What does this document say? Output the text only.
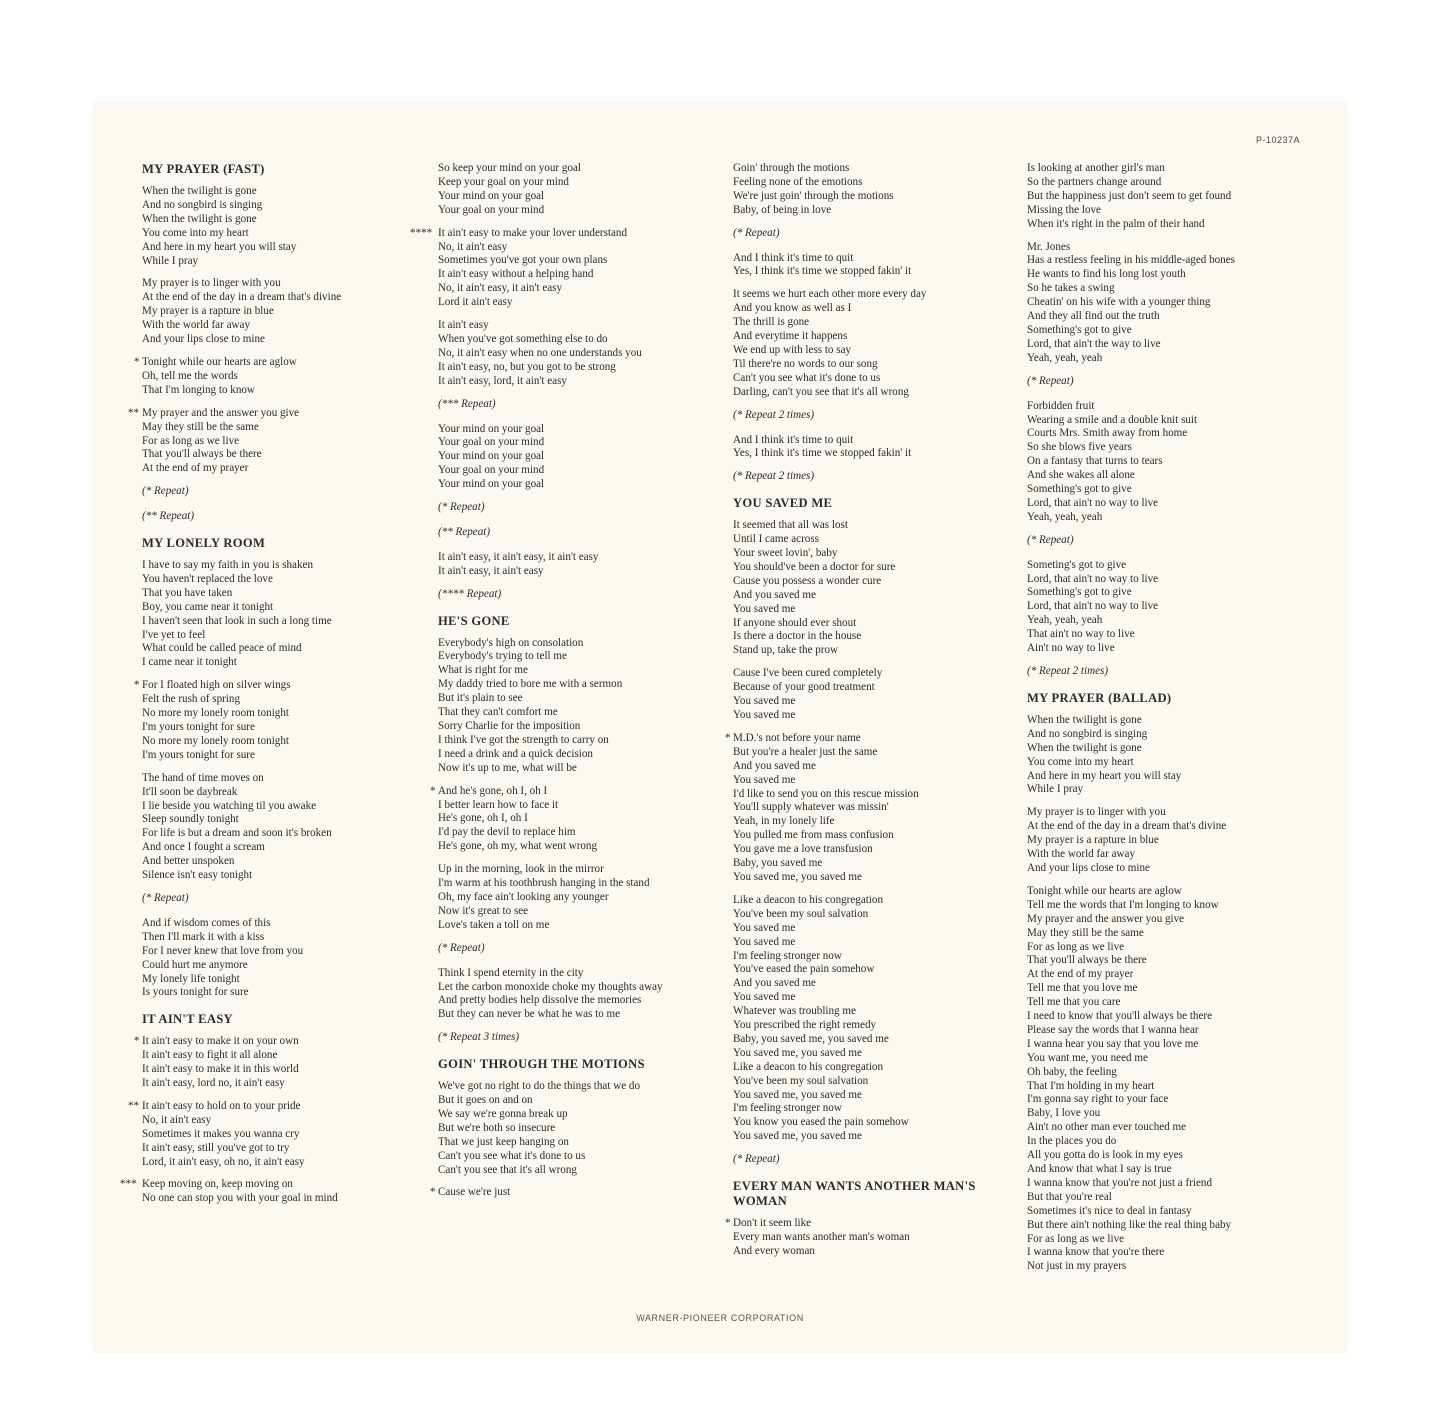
P-10237A
MY PRAYER (FAST)
When the twilight is gone
And no songbird is singing
When the twilight is gone
You come into my heart
And here in my heart you will stay
While I pray
My prayer is to linger with you
At the end of the day in a dream that's divine
My prayer is a rapture in blue
With the world far away
And your lips close to mine
* Tonight while our hearts are aglow
Oh, tell me the words
That I'm longing to know
** My prayer and the answer you give
May they still be the same
For as long as we live
That you'll always be there
At the end of my prayer
(* Repeat)
(** Repeat)
MY LONELY ROOM
I have to say my faith in you is shaken
You haven't replaced the love
That you have taken
Boy, you came near it tonight
I haven't seen that look in such a long time
I've yet to feel
What could be called peace of mind
I came near it tonight
* For I floated high on silver wings
Felt the rush of spring
No more my lonely room tonight
I'm yours tonight for sure
No more my lonely room tonight
I'm yours tonight for sure
The hand of time moves on
It'll soon be daybreak
I lie beside you watching til you awake
Sleep soundly tonight
For life is but a dream and soon it's broken
And once I fought a scream
And better unspoken
Silence isn't easy tonight
(* Repeat)
And if wisdom comes of this
Then I'll mark it with a kiss
For I never knew that love from you
Could hurt me anymore
My lonely life tonight
Is yours tonight for sure
IT AIN'T EASY
* It ain't easy to make it on your own
It ain't easy to fight it all alone
It ain't easy to make it in this world
It ain't easy, lord no, it ain't easy
** It ain't easy to hold on to your pride
No, it ain't easy
Sometimes it makes you wanna cry
It ain't easy, still you've got to try
Lord, it ain't easy, oh no, it ain't easy
*** Keep moving on, keep moving on
No one can stop you with your goal in mind
So keep your mind on your goal
Keep your goal on your mind
Your mind on your goal
Your goal on your mind
**** It ain't easy to make your lover understand
No, it ain't easy
Sometimes you've got your own plans
It ain't easy without a helping hand
No, it ain't easy, it ain't easy
Lord it ain't easy
It ain't easy
When you've got something else to do
No, it ain't easy when no one understands you
It ain't easy, no, but you got to be strong
It ain't easy, lord, it ain't easy
(*** Repeat)
Your mind on your goal
Your goal on your mind
Your mind on your goal
Your goal on your mind
Your mind on your goal
(* Repeat)
(** Repeat)
It ain't easy, it ain't easy, it ain't easy
It ain't easy, it ain't easy
(**** Repeat)
HE'S GONE
Everybody's high on consolation
Everybody's trying to tell me
What is right for me
My daddy tried to bore me with a sermon
But it's plain to see
That they can't comfort me
Sorry Charlie for the imposition
I think I've got the strength to carry on
I need a drink and a quick decision
Now it's up to me, what will be
* And he's gone, oh I, oh I
I better learn how to face it
He's gone, oh I, oh I
I'd pay the devil to replace him
He's gone, oh my, what went wrong
Up in the morning, look in the mirror
I'm warm at his toothbrush hanging in the stand
Oh, my face ain't looking any younger
Now it's great to see
Love's taken a toll on me
(* Repeat)
Think I spend eternity in the city
Let the carbon monoxide choke my thoughts away
And pretty bodies help dissolve the memories
But they can never be what he was to me
(* Repeat 3 times)
GOIN' THROUGH THE MOTIONS
We've got no right to do the things that we do
But it goes on and on
We say we're gonna break up
But we're both so insecure
That we just keep hanging on
Can't you see what it's done to us
Can't you see that it's all wrong
* Cause we're just
Goin' through the motions
Feeling none of the emotions
We're just goin' through the motions
Baby, of being in love
(* Repeat)
And I think it's time to quit
Yes, I think it's time we stopped fakin' it
It seems we hurt each other more every day
And you know as well as I
The thrill is gone
And everytime it happens
We end up with less to say
Til there're no words to our song
Can't you see what it's done to us
Darling, can't you see that it's all wrong
(* Repeat 2 times)
And I think it's time to quit
Yes, I think it's time we stopped fakin' it
(* Repeat 2 times)
YOU SAVED ME
It seemed that all was lost
Until I came across
Your sweet lovin', baby
You should've been a doctor for sure
Cause you possess a wonder cure
And you saved me
You saved me
If anyone should ever shout
Is there a doctor in the house
Stand up, take the prow
Cause I've been cured completely
Because of your good treatment
You saved me
You saved me
* M.D.'s not before your name
But you're a healer just the same
And you saved me
You saved me
I'd like to send you on this rescue mission
You'll supply whatever was missin'
Yeah, in my lonely life
You pulled me from mass confusion
You gave me a love transfusion
Baby, you saved me
You saved me, you saved me
Like a deacon to his congregation
You've been my soul salvation
You saved me
You saved me
I'm feeling stronger now
You've eased the pain somehow
And you saved me
You saved me
Whatever was troubling me
You prescribed the right remedy
Baby, you saved me, you saved me
You saved me, you saved me
Like a deacon to his congregation
You've been my soul salvation
You saved me, you saved me
I'm feeling stronger now
You know you eased the pain somehow
You saved me, you saved me
(* Repeat)
EVERY MAN WANTS ANOTHER MAN'S WOMAN
* Don't it seem like
Every man wants another man's woman
And every woman
Is looking at another girl's man
So the partners change around
But the happiness just don't seem to get found
Missing the love
When it's right in the palm of their hand
Mr. Jones
Has a restless feeling in his middle-aged bones
He wants to find his long lost youth
So he takes a swing
Cheatin' on his wife with a younger thing
And they all find out the truth
Something's got to give
Lord, that ain't the way to live
Yeah, yeah, yeah
(* Repeat)
Forbidden fruit
Wearing a smile and a double knit suit
Courts Mrs. Smith away from home
So she blows five years
On a fantasy that turns to tears
And she wakes all alone
Something's got to give
Lord, that ain't no way to live
Yeah, yeah, yeah
(* Repeat)
Someting's got to give
Lord, that ain't no way to live
Something's got to give
Lord, that ain't no way to live
Yeah, yeah, yeah
That ain't no way to live
Ain't no way to live
(* Repeat 2 times)
MY PRAYER (BALLAD)
When the twilight is gone
And no songbird is singing
When the twilight is gone
You come into my heart
And here in my heart you will stay
While I pray
My prayer is to linger with you
At the end of the day in a dream that's divine
My prayer is a rapture in blue
With the world far away
And your lips close to mine
Tonight while our hearts are aglow
Tell me the words that I'm longing to know
My prayer and the answer you give
May they still be the same
For as long as we live
That you'll always be there
At the end of my prayer
Tell me that you love me
Tell me that you care
I need to know that you'll always be there
Please say the words that I wanna hear
I wanna hear you say that you love me
You want me, you need me
Oh baby, the feeling
That I'm holding in my heart
I'm gonna say right to your face
Baby, I love you
Ain't no other man ever touched me
In the places you do
All you gotta do is look in my eyes
And know that what I say is true
I wanna know that you're not just a friend
But that you're real
Sometimes it's nice to deal in fantasy
But there ain't nothing like the real thing baby
For as long as we live
I wanna know that you're there
Not just in my prayers
WARNER-PIONEER CORPORATION
